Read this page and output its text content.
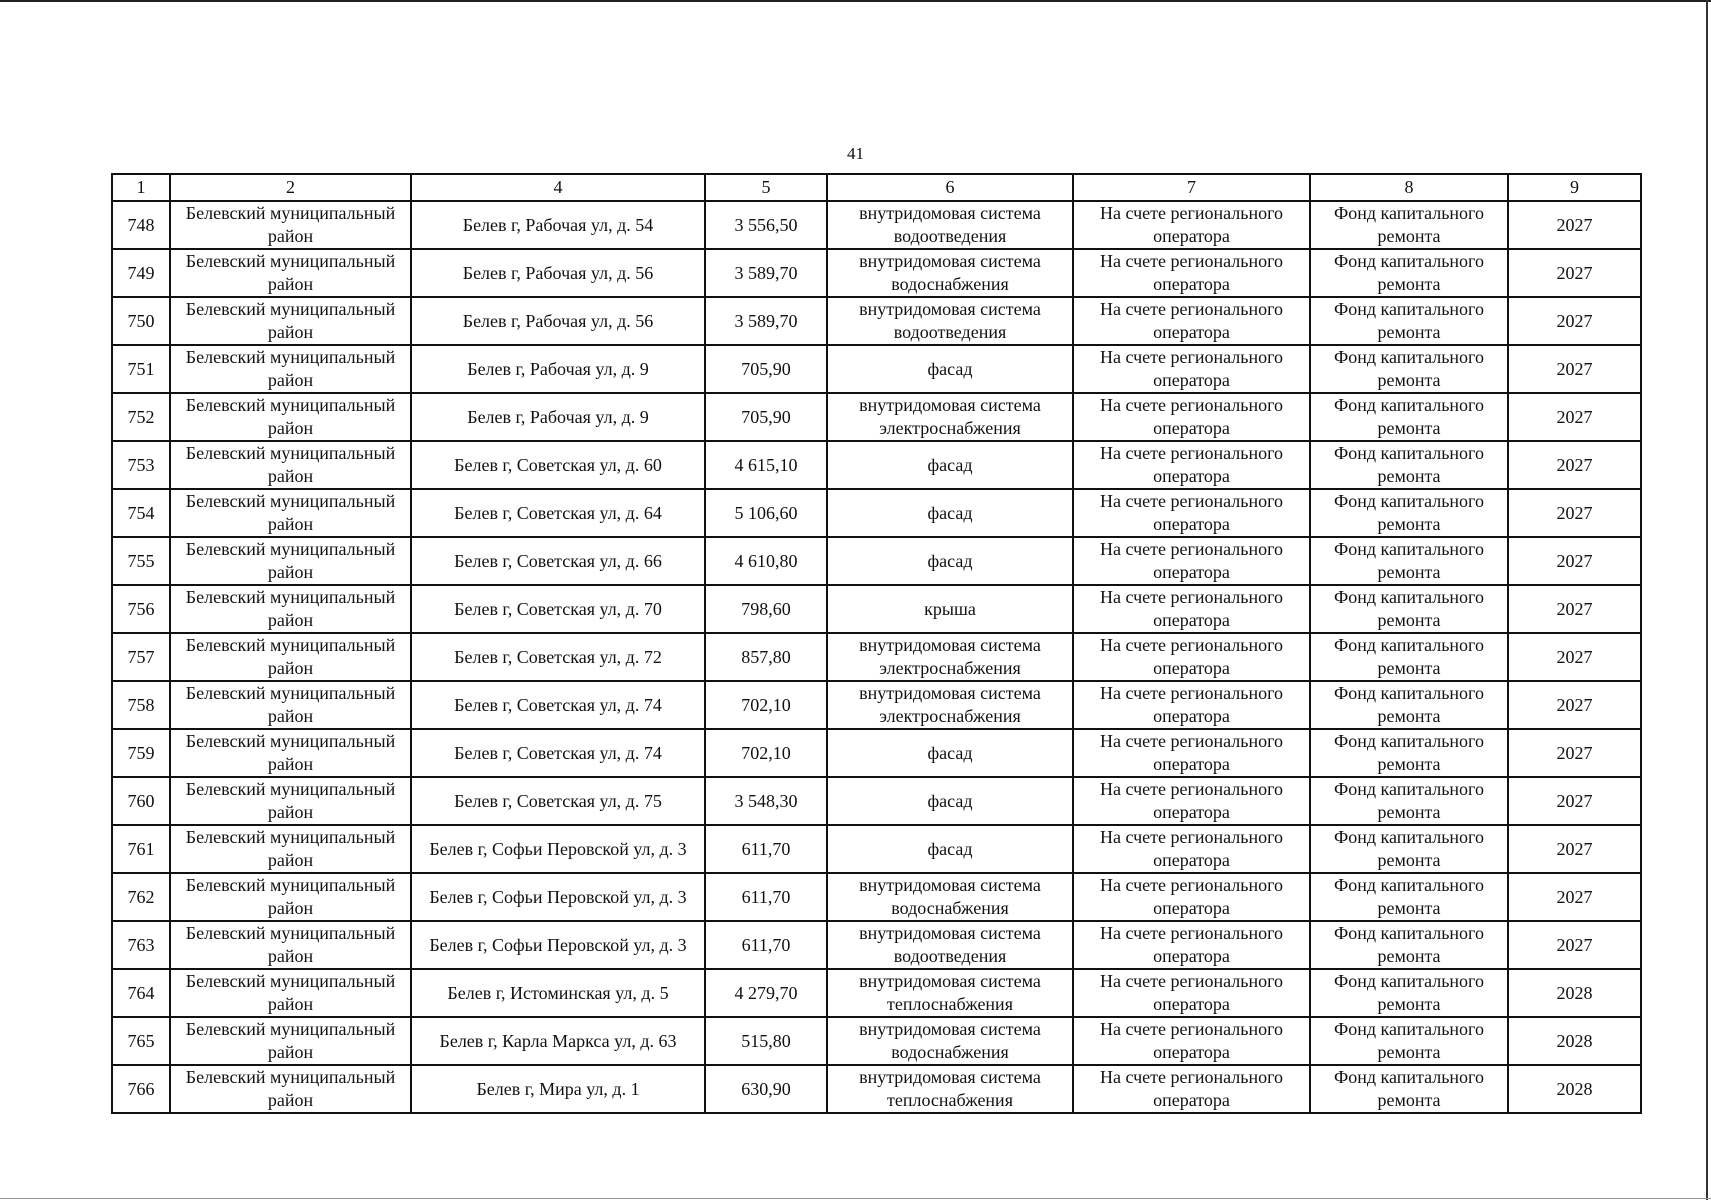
41
1	2	4	5	6	7	8	9
748	Белевский муниципальный район	Белев г, Рабочая ул, д. 54	3 556,50	внутридомовая система водоотведения	На счете регионального оператора	Фонд капитального ремонта	2027
749	Белевский муниципальный район	Белев г, Рабочая ул, д. 56	3 589,70	внутридомовая система водоснабжения	На счете регионального оператора	Фонд капитального ремонта	2027
750	Белевский муниципальный район	Белев г, Рабочая ул, д. 56	3 589,70	внутридомовая система водоотведения	На счете регионального оператора	Фонд капитального ремонта	2027
751	Белевский муниципальный район	Белев г, Рабочая ул, д. 9	705,90	фасад	На счете регионального оператора	Фонд капитального ремонта	2027
752	Белевский муниципальный район	Белев г, Рабочая ул, д. 9	705,90	внутридомовая система электроснабжения	На счете регионального оператора	Фонд капитального ремонта	2027
753	Белевский муниципальный район	Белев г, Советская ул, д. 60	4 615,10	фасад	На счете регионального оператора	Фонд капитального ремонта	2027
754	Белевский муниципальный район	Белев г, Советская ул, д. 64	5 106,60	фасад	На счете регионального оператора	Фонд капитального ремонта	2027
755	Белевский муниципальный район	Белев г, Советская ул, д. 66	4 610,80	фасад	На счете регионального оператора	Фонд капитального ремонта	2027
756	Белевский муниципальный район	Белев г, Советская ул, д. 70	798,60	крыша	На счете регионального оператора	Фонд капитального ремонта	2027
757	Белевский муниципальный район	Белев г, Советская ул, д. 72	857,80	внутридомовая система электроснабжения	На счете регионального оператора	Фонд капитального ремонта	2027
758	Белевский муниципальный район	Белев г, Советская ул, д. 74	702,10	внутридомовая система электроснабжения	На счете регионального оператора	Фонд капитального ремонта	2027
759	Белевский муниципальный район	Белев г, Советская ул, д. 74	702,10	фасад	На счете регионального оператора	Фонд капитального ремонта	2027
760	Белевский муниципальный район	Белев г, Советская ул, д. 75	3 548,30	фасад	На счете регионального оператора	Фонд капитального ремонта	2027
761	Белевский муниципальный район	Белев г, Софьи Перовской ул, д. 3	611,70	фасад	На счете регионального оператора	Фонд капитального ремонта	2027
762	Белевский муниципальный район	Белев г, Софьи Перовской ул, д. 3	611,70	внутридомовая система водоснабжения	На счете регионального оператора	Фонд капитального ремонта	2027
763	Белевский муниципальный район	Белев г, Софьи Перовской ул, д. 3	611,70	внутридомовая система водоотведения	На счете регионального оператора	Фонд капитального ремонта	2027
764	Белевский муниципальный район	Белев г, Истоминская ул, д. 5	4 279,70	внутридомовая система теплоснабжения	На счете регионального оператора	Фонд капитального ремонта	2028
765	Белевский муниципальный район	Белев г, Карла Маркса ул, д. 63	515,80	внутридомовая система водоснабжения	На счете регионального оператора	Фонд капитального ремонта	2028
766	Белевский муниципальный район	Белев г, Мира ул, д. 1	630,90	внутридомовая система теплоснабжения	На счете регионального оператора	Фонд капитального ремонта	2028
